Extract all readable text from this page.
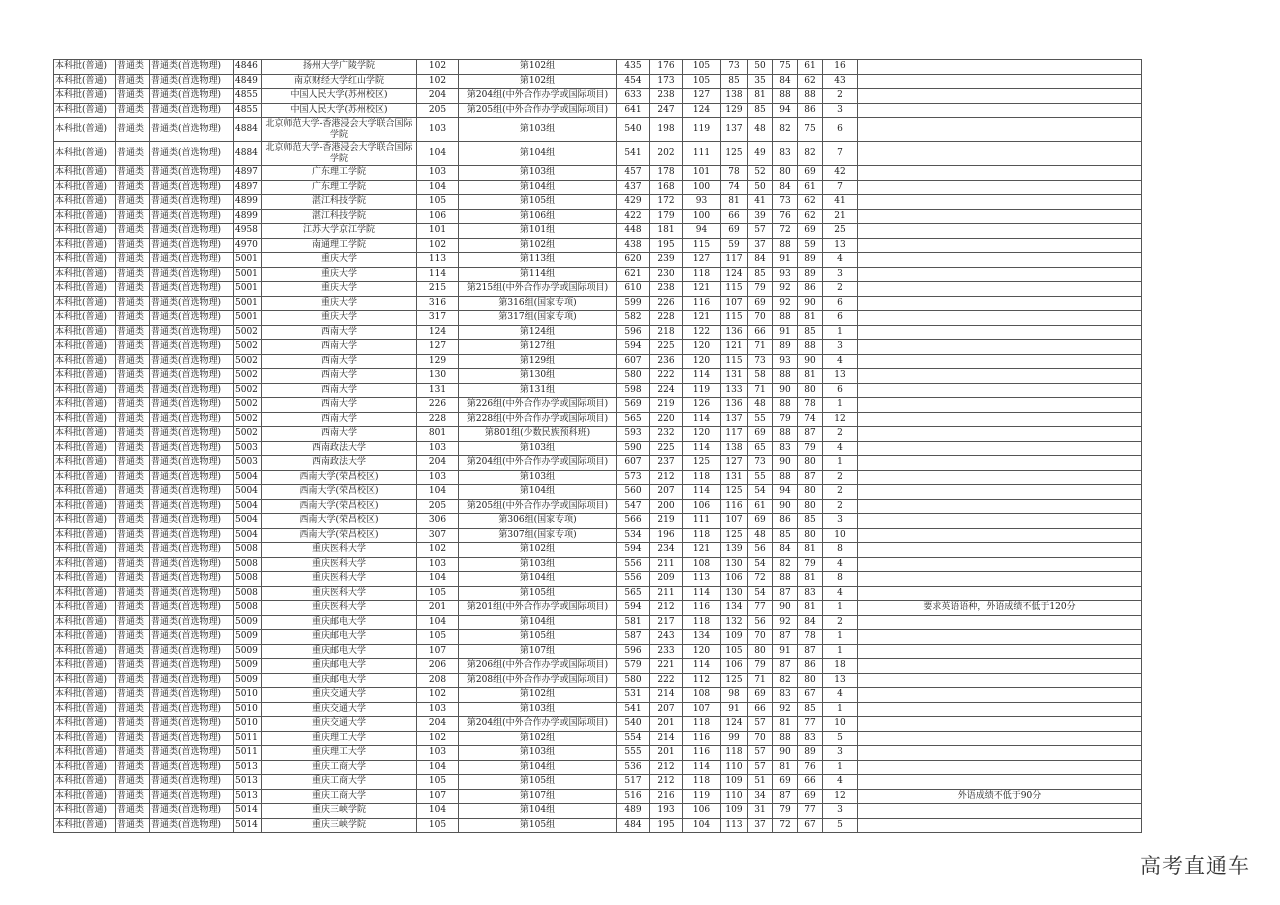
本科批(普通)	普通类	普通类(首选物理)	4846	扬州大学广陵学院	102	第102组	435	176	105	73	50	75	61	16	
本科批(普通)	普通类	普通类(首选物理)	4849	南京财经大学红山学院	102	第102组	454	173	105	85	35	84	62	43	
本科批(普通)	普通类	普通类(首选物理)	4855	中国人民大学(苏州校区)	204	第204组(中外合作办学或国际项目)	633	238	127	138	81	88	88	2	
本科批(普通)	普通类	普通类(首选物理)	4855	中国人民大学(苏州校区)	205	第205组(中外合作办学或国际项目)	641	247	124	129	85	94	86	3	
本科批(普通)	普通类	普通类(首选物理)	4884	北京师范大学-香港浸会大学联合国际学院	103	第103组	540	198	119	137	48	82	75	6	
本科批(普通)	普通类	普通类(首选物理)	4884	北京师范大学-香港浸会大学联合国际学院	104	第104组	541	202	111	125	49	83	82	7	
本科批(普通)	普通类	普通类(首选物理)	4897	广东理工学院	103	第103组	457	178	101	78	52	80	69	42	
本科批(普通)	普通类	普通类(首选物理)	4897	广东理工学院	104	第104组	437	168	100	74	50	84	61	7	
本科批(普通)	普通类	普通类(首选物理)	4899	湛江科技学院	105	第105组	429	172	93	81	41	73	62	41	
本科批(普通)	普通类	普通类(首选物理)	4899	湛江科技学院	106	第106组	422	179	100	66	39	76	62	21	
本科批(普通)	普通类	普通类(首选物理)	4958	江苏大学京江学院	101	第101组	448	181	94	69	57	72	69	25	
本科批(普通)	普通类	普通类(首选物理)	4970	南通理工学院	102	第102组	438	195	115	59	37	88	59	13	
本科批(普通)	普通类	普通类(首选物理)	5001	重庆大学	113	第113组	620	239	127	117	84	91	89	4	
本科批(普通)	普通类	普通类(首选物理)	5001	重庆大学	114	第114组	621	230	118	124	85	93	89	3	
本科批(普通)	普通类	普通类(首选物理)	5001	重庆大学	215	第215组(中外合作办学或国际项目)	610	238	121	115	79	92	86	2	
本科批(普通)	普通类	普通类(首选物理)	5001	重庆大学	316	第316组(国家专项)	599	226	116	107	69	92	90	6	
本科批(普通)	普通类	普通类(首选物理)	5001	重庆大学	317	第317组(国家专项)	582	228	121	115	70	88	81	6	
本科批(普通)	普通类	普通类(首选物理)	5002	西南大学	124	第124组	596	218	122	136	66	91	85	1	
本科批(普通)	普通类	普通类(首选物理)	5002	西南大学	127	第127组	594	225	120	121	71	89	88	3	
本科批(普通)	普通类	普通类(首选物理)	5002	西南大学	129	第129组	607	236	120	115	73	93	90	4	
本科批(普通)	普通类	普通类(首选物理)	5002	西南大学	130	第130组	580	222	114	131	58	88	81	13	
本科批(普通)	普通类	普通类(首选物理)	5002	西南大学	131	第131组	598	224	119	133	71	90	80	6	
本科批(普通)	普通类	普通类(首选物理)	5002	西南大学	226	第226组(中外合作办学或国际项目)	569	219	126	136	48	88	78	1	
本科批(普通)	普通类	普通类(首选物理)	5002	西南大学	228	第228组(中外合作办学或国际项目)	565	220	114	137	55	79	74	12	
本科批(普通)	普通类	普通类(首选物理)	5002	西南大学	801	第801组(少数民族预科班)	593	232	120	117	69	88	87	2	
本科批(普通)	普通类	普通类(首选物理)	5003	西南政法大学	103	第103组	590	225	114	138	65	83	79	4	
本科批(普通)	普通类	普通类(首选物理)	5003	西南政法大学	204	第204组(中外合作办学或国际项目)	607	237	125	127	73	90	80	1	
本科批(普通)	普通类	普通类(首选物理)	5004	西南大学(荣昌校区)	103	第103组	573	212	118	131	55	88	87	2	
本科批(普通)	普通类	普通类(首选物理)	5004	西南大学(荣昌校区)	104	第104组	560	207	114	125	54	94	80	2	
本科批(普通)	普通类	普通类(首选物理)	5004	西南大学(荣昌校区)	205	第205组(中外合作办学或国际项目)	547	200	106	116	61	90	80	2	
本科批(普通)	普通类	普通类(首选物理)	5004	西南大学(荣昌校区)	306	第306组(国家专项)	566	219	111	107	69	86	85	3	
本科批(普通)	普通类	普通类(首选物理)	5004	西南大学(荣昌校区)	307	第307组(国家专项)	534	196	118	125	48	85	80	10	
本科批(普通)	普通类	普通类(首选物理)	5008	重庆医科大学	102	第102组	594	234	121	139	56	84	81	8	
本科批(普通)	普通类	普通类(首选物理)	5008	重庆医科大学	103	第103组	556	211	108	130	54	82	79	4	
本科批(普通)	普通类	普通类(首选物理)	5008	重庆医科大学	104	第104组	556	209	113	106	72	88	81	8	
本科批(普通)	普通类	普通类(首选物理)	5008	重庆医科大学	105	第105组	565	211	114	130	54	87	83	4	
本科批(普通)	普通类	普通类(首选物理)	5008	重庆医科大学	201	第201组(中外合作办学或国际项目)	594	212	116	134	77	90	81	1	要求英语语种，外语成绩不低于120分
本科批(普通)	普通类	普通类(首选物理)	5009	重庆邮电大学	104	第104组	581	217	118	132	56	92	84	2	
本科批(普通)	普通类	普通类(首选物理)	5009	重庆邮电大学	105	第105组	587	243	134	109	70	87	78	1	
本科批(普通)	普通类	普通类(首选物理)	5009	重庆邮电大学	107	第107组	596	233	120	105	80	91	87	1	
本科批(普通)	普通类	普通类(首选物理)	5009	重庆邮电大学	206	第206组(中外合作办学或国际项目)	579	221	114	106	79	87	86	18	
本科批(普通)	普通类	普通类(首选物理)	5009	重庆邮电大学	208	第208组(中外合作办学或国际项目)	580	222	112	125	71	82	80	13	
本科批(普通)	普通类	普通类(首选物理)	5010	重庆交通大学	102	第102组	531	214	108	98	69	83	67	4	
本科批(普通)	普通类	普通类(首选物理)	5010	重庆交通大学	103	第103组	541	207	107	91	66	92	85	1	
本科批(普通)	普通类	普通类(首选物理)	5010	重庆交通大学	204	第204组(中外合作办学或国际项目)	540	201	118	124	57	81	77	10	
本科批(普通)	普通类	普通类(首选物理)	5011	重庆理工大学	102	第102组	554	214	116	99	70	88	83	5	
本科批(普通)	普通类	普通类(首选物理)	5011	重庆理工大学	103	第103组	555	201	116	118	57	90	89	3	
本科批(普通)	普通类	普通类(首选物理)	5013	重庆工商大学	104	第104组	536	212	114	110	57	81	76	1	
本科批(普通)	普通类	普通类(首选物理)	5013	重庆工商大学	105	第105组	517	212	118	109	51	69	66	4	
本科批(普通)	普通类	普通类(首选物理)	5013	重庆工商大学	107	第107组	516	216	119	110	34	87	69	12	外语成绩不低于90分
本科批(普通)	普通类	普通类(首选物理)	5014	重庆三峡学院	104	第104组	489	193	106	109	31	79	77	3	
本科批(普通)	普通类	普通类(首选物理)	5014	重庆三峡学院	105	第105组	484	195	104	113	37	72	67	5	
高考直通车
